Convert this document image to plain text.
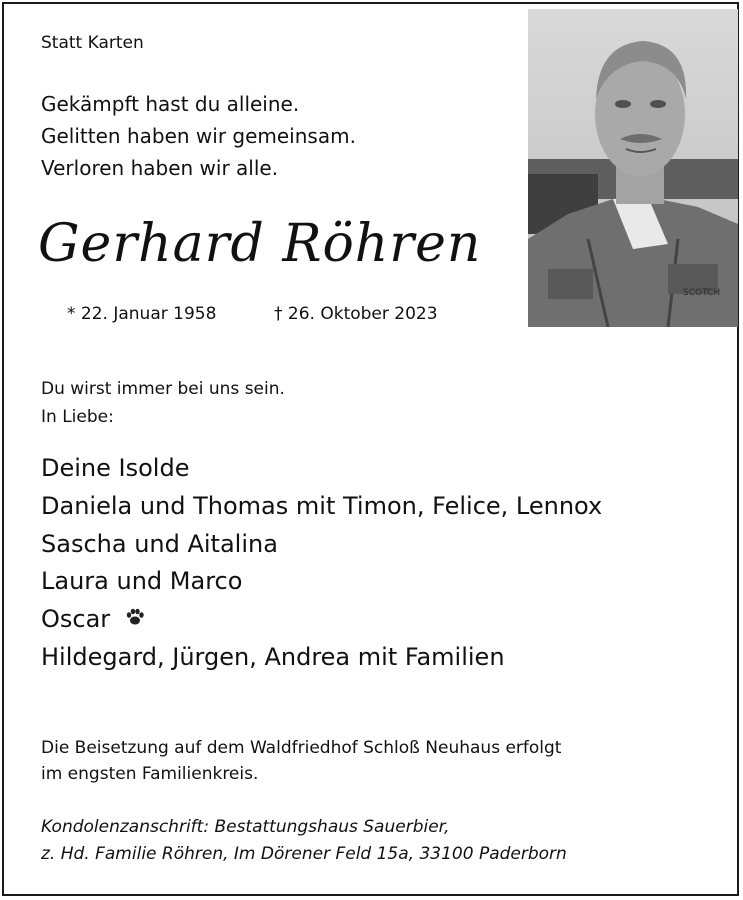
Statt Karten
Gekämpft hast du alleine.
Gelitten haben wir gemeinsam.
Verloren haben wir alle.
Gerhard Röhren
* 22. Januar 1958	† 26. Oktober 2023
SCOTCH
Du wirst immer bei uns sein.
In Liebe:
Deine Isolde
Daniela und Thomas mit Timon, Felice, Lennox
Sascha und Aitalina
Laura und Marco
Oscar
Hildegard, Jürgen, Andrea mit Familien
Die Beisetzung auf dem Waldfriedhof Schloß Neuhaus erfolgt
im engsten Familienkreis.
Kondolenzanschrift: Bestattungshaus Sauerbier,
z. Hd. Familie Röhren, Im Dörener Feld 15a, 33100 Paderborn
